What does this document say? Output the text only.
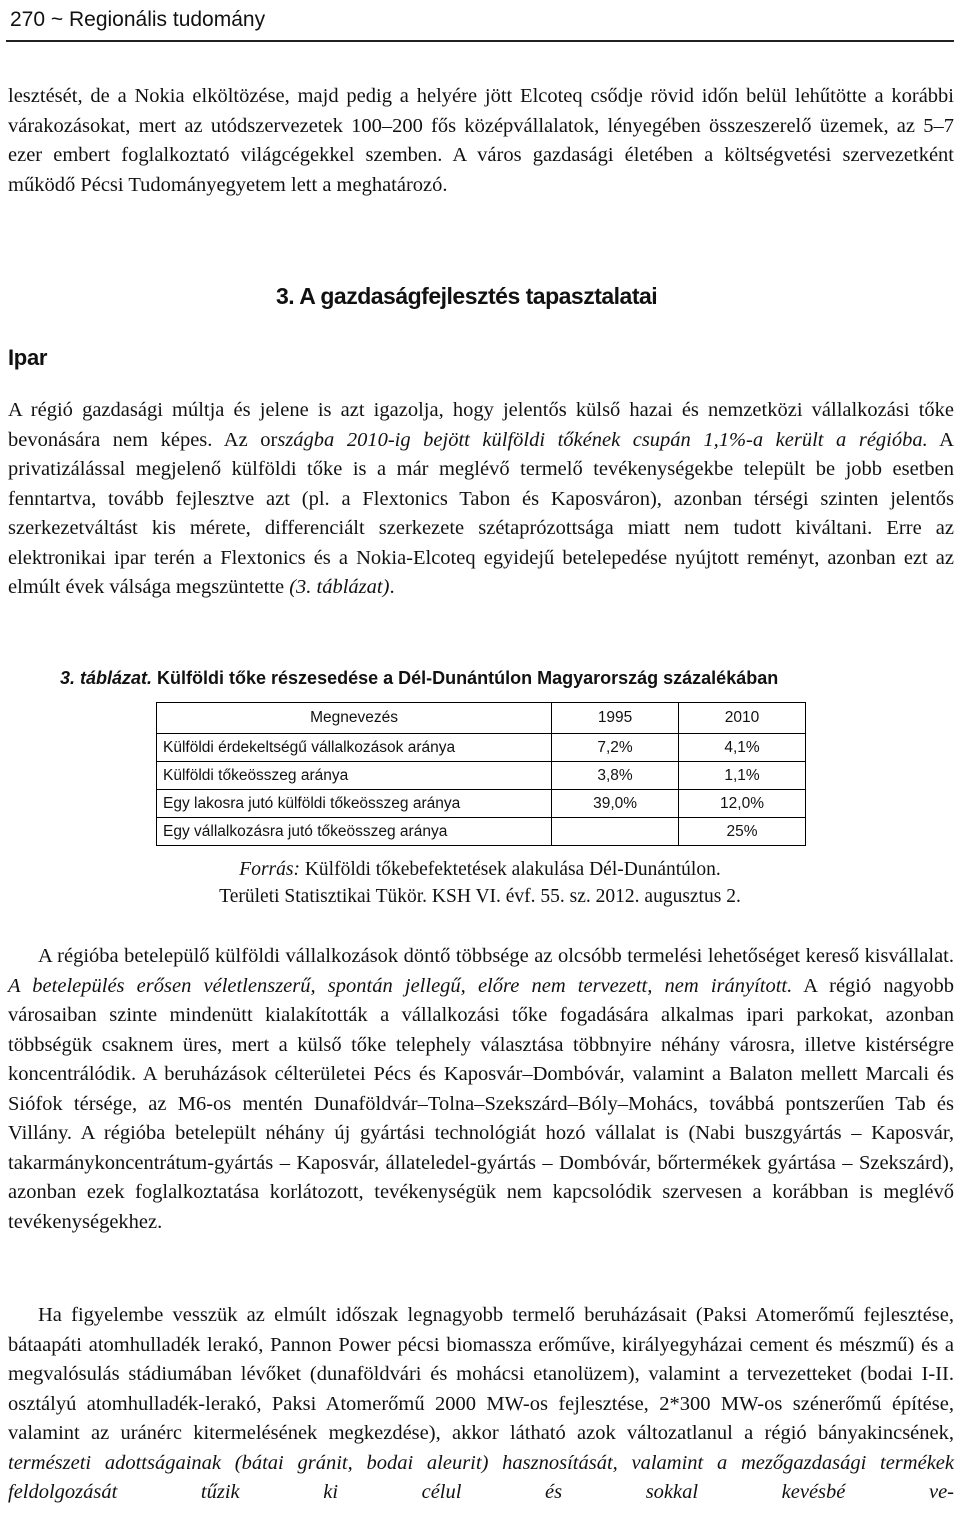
270 ~ Regionális tudomány

lesztését, de a Nokia elköltözése, majd pedig a helyére jött Elcoteq csődje rövid időn belül lehűtötte a korábbi várakozásokat, mert az utódszervezetek 100–200 fős középvállalatok, lényegében összeszerelő üzemek, az 5–7 ezer embert foglalkoztató világcégekkel szemben. A város gazdasági életében a költségvetési szervezetként működő Pécsi Tudományegyetem lett a meghatározó.

3. A gazdaságfejlesztés tapasztalatai
Ipar

A régió gazdasági múltja és jelene is azt igazolja, hogy jelentős külső hazai és nemzetközi vállalkozási tőke bevonására nem képes. Az országba 2010-ig bejött külföldi tőkének csupán 1,1%-a került a régióba. A privatizálással megjelenő külföldi tőke is a már meglévő termelő tevékenységekbe települt be jobb esetben fenntartva, tovább fejlesztve azt (pl. a Flextonics Tabon és Kaposváron), azonban térségi szinten jelentős szerkezetváltást kis mérete, differenciált szerkezete szétaprózottsága miatt nem tudott kiváltani. Erre az elektronikai ipar terén a Flextonics és a Nokia-Elcoteq egyidejű betelepedése nyújtott reményt, azonban ezt az elmúlt évek válsága megszüntette (3. táblázat).

3. táblázat. Külföldi tőke részesedése a Dél-Dunántúlon Magyarország százalékában
Megnevezés	1995	2010
Külföldi érdekeltségű vállalkozások aránya	7,2%	4,1%
Külföldi tőkeösszeg aránya	3,8%	1,1%
Egy lakosra jutó külföldi tőkeösszeg aránya	39,0%	12,0%
Egy vállalkozásra jutó tőkeösszeg aránya		25%
Forrás: Külföldi tőkebefektetések alakulása Dél-Dunántúlon.
Területi Statisztikai Tükör. KSH VI. évf. 55. sz. 2012. augusztus 2.

A régióba betelepülő külföldi vállalkozások döntő többsége az olcsóbb termelési lehetőséget kereső kisvállalat. A betelepülés erősen véletlenszerű, spontán jellegű, előre nem tervezett, nem irányított. A régió nagyobb városaiban szinte mindenütt kialakították a vállalkozási tőke fogadására alkalmas ipari parkokat, azonban többségük csaknem üres, mert a külső tőke telephely választása többnyire néhány városra, illetve kistérségre koncentrálódik. A beruházások célterületei Pécs és Kaposvár–Dombóvár, valamint a Balaton mellett Marcali és Siófok térsége, az M6-os mentén Dunaföldvár–Tolna–Szekszárd–Bóly–Mohács, továbbá pontszerűen Tab és Villány. A régióba betelepült néhány új gyártási technológiát hozó vállalat is (Nabi buszgyártás – Kaposvár, takarmánykoncentrátum-gyártás – Kaposvár, állateledel-gyártás – Dombóvár, bőrtermékek gyártása – Szekszárd), azonban ezek foglalkoztatása korlátozott, tevékenységük nem kapcsolódik szervesen a korábban is meglévő tevékenységekhez.

Ha figyelembe vesszük az elmúlt időszak legnagyobb termelő beruházásait (Paksi Atomerőmű fejlesztése, bátaapáti atomhulladék lerakó, Pannon Power pécsi biomassza erőműve, királyegyházai cement és mészmű) és a megvalósulás stádiumában lévőket (dunaföldvári és mohácsi etanolüzem), valamint a tervezetteket (bodai I-II. osztályú atomhulladék-lerakó, Paksi Atomerőmű 2000 MW-os fejlesztése, 2*300 MW-os szénerőmű építése, valamint az uránérc kitermelésének megkezdése), akkor látható azok változatlanul a régió bányakincsének, természeti adottságainak (bátai gránit, bodai aleurit) hasznosítását, valamint a mezőgazdasági termékek feldolgozását tűzik ki célul és sokkal kevésbé ve-
